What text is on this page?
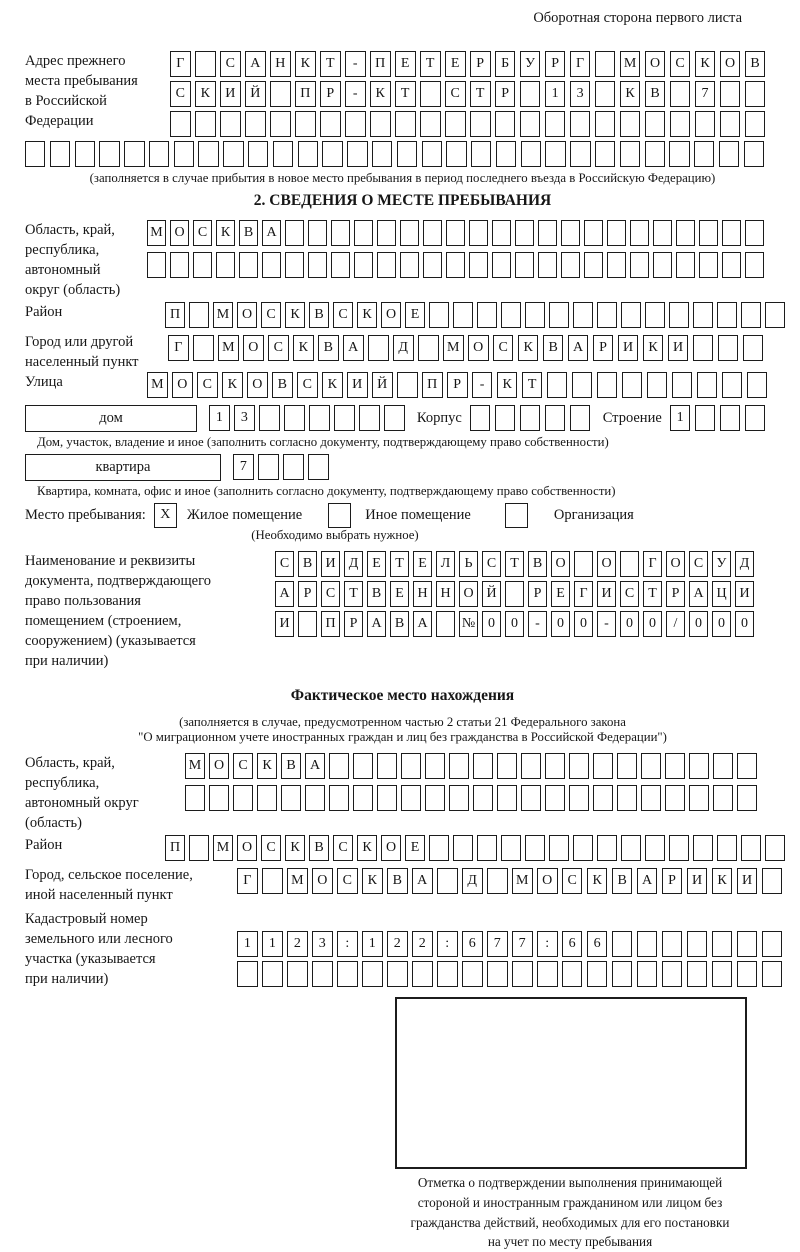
Оборотная сторона первого листа
Адрес прежнего
места пребывания
в Российской
Федерации
Г	С А Н К Т - П Е Т Е Р Б У Р Г	М О С К О В
С К И Й	П Р - К Т	С Т Р	1 3	К В	7
(заполняется в случае прибытия в новое место пребывания в период последнего въезда в Российскую Федерацию)
2. СВЕДЕНИЯ О МЕСТЕ ПРЕБЫВАНИЯ
Область, край,
республика,
автономный
округ (область)
М О С К В А
Район	П	М О С К В С К О Е
Город или другой
населенный пункт
Г	М О С К В А	Д	М О С К В А Р И К И
Улица	М О С К О В С К И Й	П Р - К Т
дом	1 3	Корпус	Строение	1
Дом, участок, владение и иное (заполнить согласно документу, подтверждающему право собственности)
квартира	7
Квартира, комната, офис и иное (заполнить согласно документу, подтверждающему право собственности)
Место пребывания:	X	Жилое помещение	Иное помещение	Организация
(Необходимо выбрать нужное)
Наименование и реквизиты
документа, подтверждающего
право пользования
помещением (строением,
сооружением) (указывается
при наличии)
С В И Д Е Т Е Л Ь С Т В О	О	Г О С У Д
А Р С Т В Е Н Н О Й	Р Е Г И С Т Р А Ц И
И	П Р А В А № 0 0 - 0 0 - 0 0 / 0 0 0
Фактическое место нахождения
(заполняется в случае, предусмотренном частью 2 статьи 21 Федерального закона
"О миграционном учете иностранных граждан и лиц без гражданства в Российской Федерации")
Область, край,
республика,
автономный округ
(область)
М О С К В А
Район	П	М О С К В С К О Е
Город, сельское поселение,
иной населенный пункт
Г	М О С К В А	Д	М О С К В А Р И К И
Кадастровый номер
земельного или лесного
участка (указывается
при наличии)
1 1 2 3 : 1 2 2 : 6 7 7 : 6 6
Отметка о подтверждении выполнения принимающей
стороной и иностранным гражданином или лицом без
гражданства действий, необходимых для его постановки
на учет по месту пребывания
